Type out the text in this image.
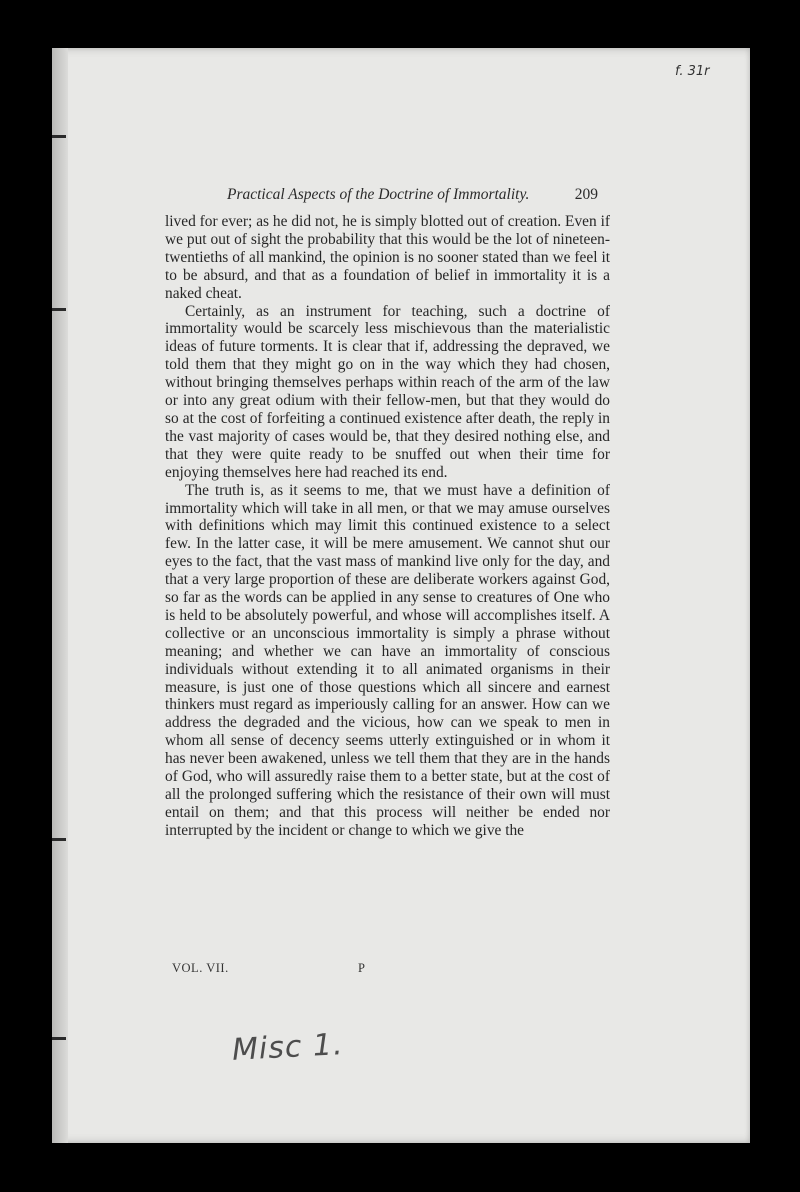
f. 31r
Practical Aspects of the Doctrine of Immortality.	209

lived for ever; as he did not, he is simply blotted out of creation. Even if we put out of sight the probability that this would be the lot of nineteen-twentieths of all mankind, the opinion is no sooner stated than we feel it to be absurd, and that as a foundation of belief in immortality it is a naked cheat.

Certainly, as an instrument for teaching, such a doctrine of immortality would be scarcely less mischievous than the materialistic ideas of future torments. It is clear that if, addressing the depraved, we told them that they might go on in the way which they had chosen, without bringing themselves perhaps within reach of the arm of the law or into any great odium with their fellow-men, but that they would do so at the cost of forfeiting a continued existence after death, the reply in the vast majority of cases would be, that they desired nothing else, and that they were quite ready to be snuffed out when their time for enjoying themselves here had reached its end.

The truth is, as it seems to me, that we must have a definition of immortality which will take in all men, or that we may amuse ourselves with definitions which may limit this continued existence to a select few. In the latter case, it will be mere amusement. We cannot shut our eyes to the fact, that the vast mass of mankind live only for the day, and that a very large proportion of these are deliberate workers against God, so far as the words can be applied in any sense to creatures of One who is held to be absolutely powerful, and whose will accomplishes itself. A collective or an unconscious immortality is simply a phrase without meaning; and whether we can have an immortality of conscious individuals without extending it to all animated organisms in their measure, is just one of those questions which all sincere and earnest thinkers must regard as imperiously calling for an answer. How can we address the degraded and the vicious, how can we speak to men in whom all sense of decency seems utterly extinguished or in whom it has never been awakened, unless we tell them that they are in the hands of God, who will assuredly raise them to a better state, but at the cost of all the prolonged suffering which the resistance of their own will must entail on them; and that this process will neither be ended nor interrupted by the incident or change to which we give the

VOL. VII.	P
Misc 1.
